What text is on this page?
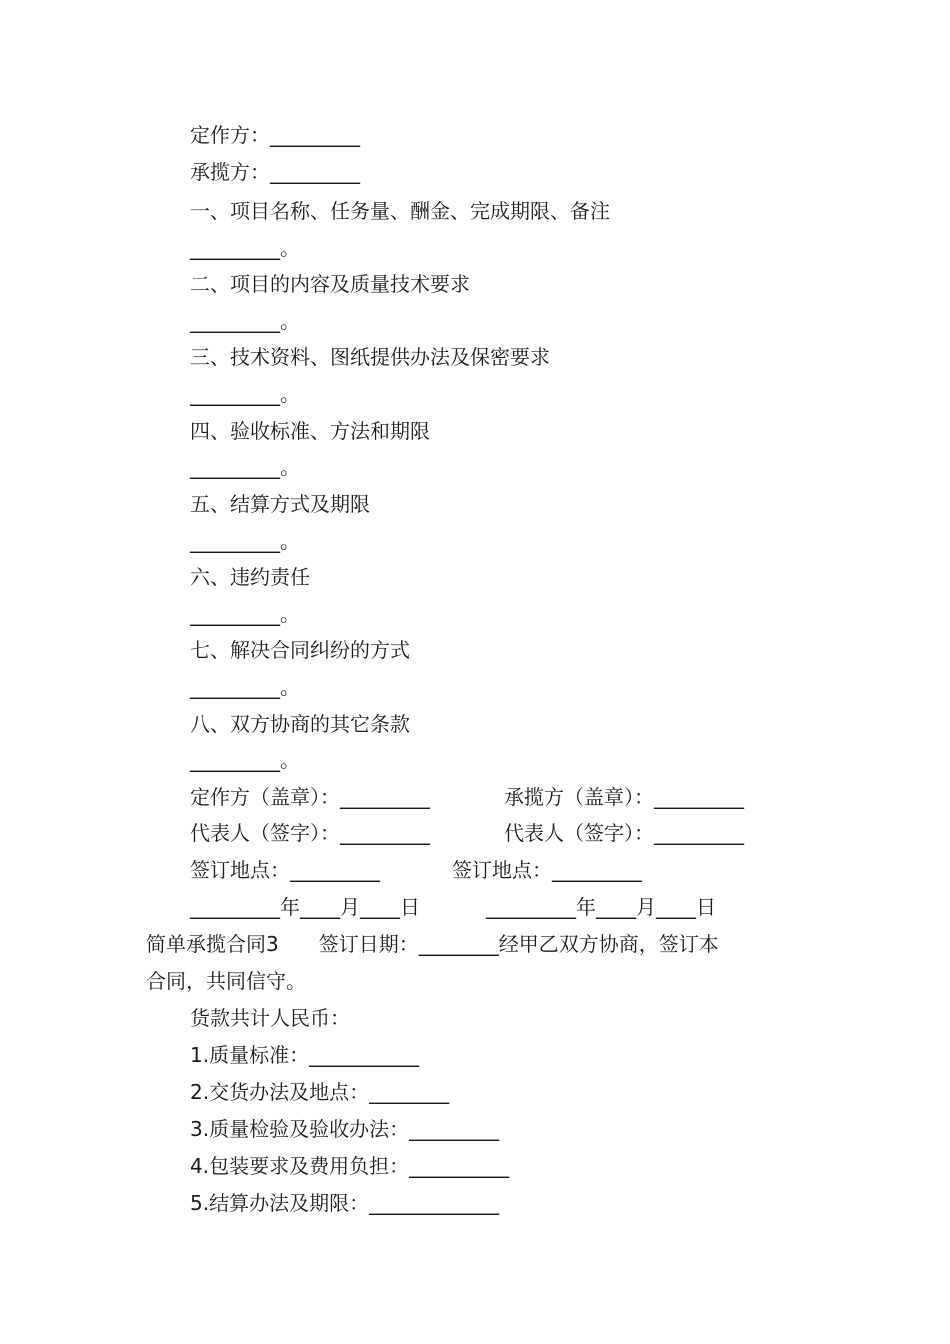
定作方：_________
承揽方：_________
一、项目名称、任务量、酬金、完成期限、备注
_________。
二、项目的内容及质量技术要求
_________。
三、技术资料、图纸提供办法及保密要求
_________。
四、验收标准、方法和期限
_________。
五、结算方式及期限
_________。
六、违约责任
_________。
七、解决合同纠纷的方式
_________。
八、双方协商的其它条款
_________。
定作方（盖章）：_________	承揽方（盖章）：_________
代表人（签字）：_________	代表人（签字）：_________
签订地点：_________	签订地点：_________
_________年____月____日	_________年____月____日
简单承揽合同3　　签订日期：________经甲乙双方协商，签订本
合同，共同信守。
货款共计人民币：
1.质量标准：___________
2.交货办法及地点：________
3.质量检验及验收办法：_________
4.包装要求及费用负担：__________
5.结算办法及期限：_____________
